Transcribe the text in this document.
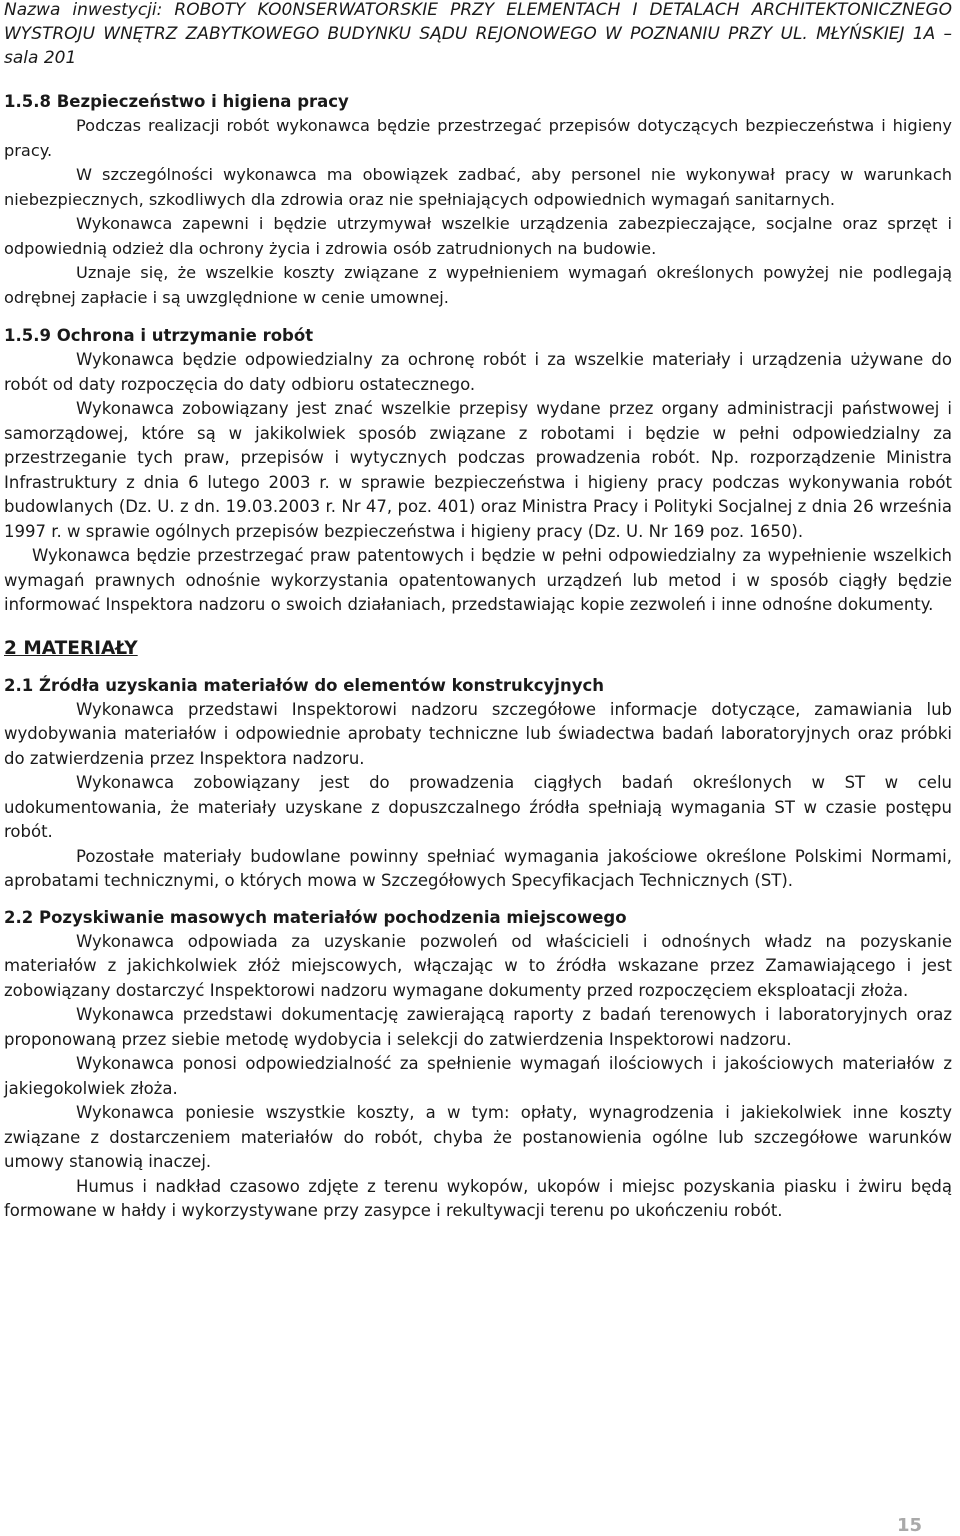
Nazwa inwestycji: ROBOTY KO0NSERWATORSKIE PRZY ELEMENTACH I DETALACH ARCHITEKTONICZNEGO WYSTROJU WNĘTRZ ZABYTKOWEGO BUDYNKU SĄDU REJONOWEGO W POZNANIU PRZY UL. MŁYŃSKIEJ 1A – sala 201
1.5.8 Bezpieczeństwo i higiena pracy

Podczas realizacji robót wykonawca będzie przestrzegać przepisów dotyczących bezpieczeństwa i higieny pracy.

W szczególności wykonawca ma obowiązek zadbać, aby personel nie wykonywał pracy w warunkach niebezpiecznych, szkodliwych dla zdrowia oraz nie spełniających odpowiednich wymagań sanitarnych.

Wykonawca zapewni i będzie utrzymywał wszelkie urządzenia zabezpieczające, socjalne oraz sprzęt i odpowiednią odzież dla ochrony życia i zdrowia osób zatrudnionych na budowie.

Uznaje się, że wszelkie koszty związane z wypełnieniem wymagań określonych powyżej nie podlegają odrębnej zapłacie i są uwzględnione w cenie umownej.

1.5.9 Ochrona i utrzymanie robót

Wykonawca będzie odpowiedzialny za ochronę robót i za wszelkie materiały i urządzenia używane do robót od daty rozpoczęcia do daty odbioru ostatecznego.

Wykonawca zobowiązany jest znać wszelkie przepisy wydane przez organy administracji państwowej i samorządowej, które są w jakikolwiek sposób związane z robotami i będzie w pełni odpowiedzialny za przestrzeganie tych praw, przepisów i wytycznych podczas prowadzenia robót. Np. rozporządzenie Ministra Infrastruktury z dnia 6 lutego 2003 r. w sprawie bezpieczeństwa i higieny pracy podczas wykonywania robót budowlanych (Dz. U. z dn. 19.03.2003 r. Nr 47, poz. 401) oraz Ministra Pracy i Polityki Socjalnej z dnia 26 września 1997 r. w sprawie ogólnych przepisów bezpieczeństwa i higieny pracy (Dz. U. Nr 169 poz. 1650).

Wykonawca będzie przestrzegać praw patentowych i będzie w pełni odpowiedzialny za wypełnienie wszelkich wymagań prawnych odnośnie wykorzystania opatentowanych urządzeń lub metod i w sposób ciągły będzie informować Inspektora nadzoru o swoich działaniach, przedstawiając kopie zezwoleń i inne odnośne dokumenty.

2 MATERIAŁY
2.1 Źródła uzyskania materiałów do elementów konstrukcyjnych

Wykonawca przedstawi Inspektorowi nadzoru szczegółowe informacje dotyczące, zamawiania lub wydobywania materiałów i odpowiednie aprobaty techniczne lub świadectwa badań laboratoryjnych oraz próbki do zatwierdzenia przez Inspektora nadzoru.

Wykonawca zobowiązany jest do prowadzenia ciągłych badań określonych w ST w celu udokumentowania, że materiały uzyskane z dopuszczalnego źródła spełniają wymagania ST w czasie postępu robót.

Pozostałe materiały budowlane powinny spełniać wymagania jakościowe określone Polskimi Normami, aprobatami technicznymi, o których mowa w Szczegółowych Specyfikacjach Technicznych (ST).

2.2 Pozyskiwanie masowych materiałów pochodzenia miejscowego

Wykonawca odpowiada za uzyskanie pozwoleń od właścicieli i odnośnych władz na pozyskanie materiałów z jakichkolwiek złóż miejscowych, włączając w to źródła wskazane przez Zamawiającego i jest zobowiązany dostarczyć Inspektorowi nadzoru wymagane dokumenty przed rozpoczęciem eksploatacji złoża.

Wykonawca przedstawi dokumentację zawierającą raporty z badań terenowych i laboratoryjnych oraz proponowaną przez siebie metodę wydobycia i selekcji do zatwierdzenia Inspektorowi nadzoru.

Wykonawca ponosi odpowiedzialność za spełnienie wymagań ilościowych i jakościowych materiałów z jakiegokolwiek złoża.

Wykonawca poniesie wszystkie koszty, a w tym: opłaty, wynagrodzenia i jakiekolwiek inne koszty związane z dostarczeniem materiałów do robót, chyba że postanowienia ogólne lub szczegółowe warunków umowy stanowią inaczej.

Humus i nadkład czasowo zdjęte z terenu wykopów, ukopów i miejsc pozyskania piasku i żwiru będą formowane w hałdy i wykorzystywane przy zasypce i rekultywacji terenu po ukończeniu robót.

15
